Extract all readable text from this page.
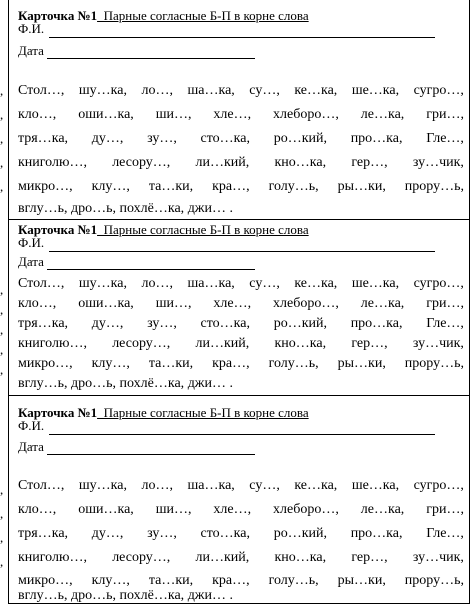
,
,
,
,
,
,
,
,
,
,
,
,
,
,
Карточка №1_Парные согласные Б-П в корне слова
Ф.И.
Дата
Стол…, шу…ка, ло…, ша…ка, су…, ке…ка, ше…ка, сугро…,
кло…, оши…ка, ши…, хле…, хлеборо…, ле…ка, гри…,
тря…ка, ду…, зу…, сто…ка, ро…кий, про…ка, Гле…,
книголю…, лесору…, ли…кий, кно…ка, гер…, зу…чик,
микро…, клу…, та…ки, кра…, голу…ь, ры…ки, прору…ь,
вглу…ь,
дро…ь,
похлё…ка,
джи… .
Карточка №1_Парные согласные Б-П в корне слова
Ф.И.
Дата
Стол…, шу…ка, ло…, ша…ка, су…, ке…ка, ше…ка, сугро…,
кло…, оши…ка, ши…, хле…, хлеборо…, ле…ка, гри…,
тря…ка, ду…, зу…, сто…ка, ро…кий, про…ка, Гле…,
книголю…, лесору…, ли…кий, кно…ка, гер…, зу…чик,
микро…, клу…, та…ки, кра…, голу…ь, ры…ки, прору…ь,
вглу…ь,
дро…ь,
похлё…ка,
джи… .
Карточка №1_Парные согласные Б-П в корне слова
Ф.И.
Дата
Стол…, шу…ка, ло…, ша…ка, су…, ке…ка, ше…ка, сугро…,
кло…, оши…ка, ши…, хле…, хлеборо…, ле…ка, гри…,
тря…ка, ду…, зу…, сто…ка, ро…кий, про…ка, Гле…,
книголю…, лесору…, ли…кий, кно…ка, гер…, зу…чик,
микро…, клу…, та…ки, кра…, голу…ь, ры…ки, прору…ь,
вглу…ь,
дро…ь,
похлё…ка,
джи… .
